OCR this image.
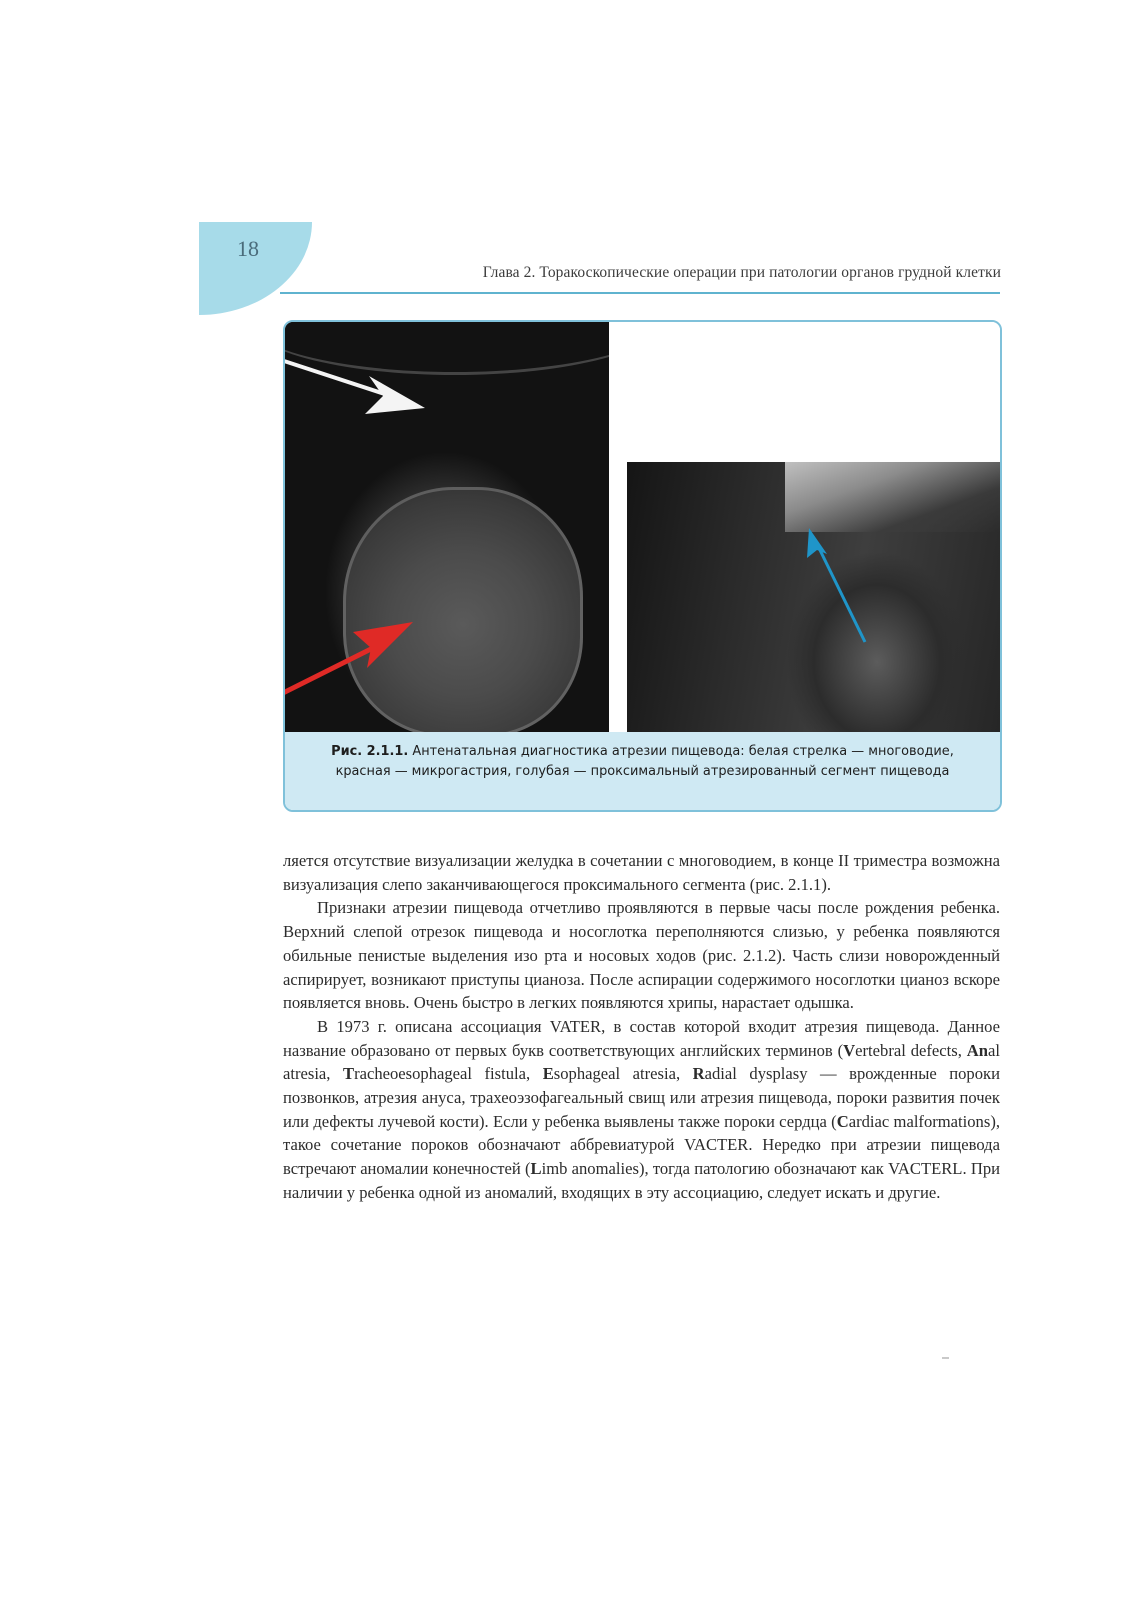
18
Глава 2. Торакоскопические операции при патологии органов грудной клетки
Рис. 2.1.1. Антенатальная диагностика атрезии пищевода: белая стрелка — многоводие, красная — микрогастрия, голубая — проксимальный атрезированный сегмент пищевода

ляется отсутствие визуализации желудка в сочетании с многоводием, в конце II триместра возможна визуализация слепо заканчивающегося проксимального сегмента (рис. 2.1.1).

Признаки атрезии пищевода отчетливо проявляются в первые часы после рождения ребенка. Верхний слепой отрезок пищевода и носоглотка переполняются слизью, у ребенка появляются обильные пенистые выделения изо рта и носовых ходов (рис. 2.1.2). Часть слизи новорожденный аспирирует, возникают приступы цианоза. После аспирации содержимого носоглотки цианоз вскоре появляется вновь. Очень быстро в легких появляются хрипы, нарастает одышка.

В 1973 г. описана ассоциация VATER, в состав которой входит атрезия пищевода. Данное название образовано от первых букв соответствующих английских терминов (Vertebral defects, Anal atresia, Tracheoesophageal fistula, Esophageal atresia, Radial dysplasy — врожденные пороки позвонков, атрезия ануса, трахеоэзофагеальный свищ или атрезия пищевода, пороки развития почек или дефекты лучевой кости). Если у ребенка выявлены также пороки сердца (Cardiac malformations), такое сочетание пороков обозначают аббревиатурой VACTER. Нередко при атрезии пищевода встречают аномалии конечностей (Limb anomalies), тогда патологию обозначают как VACTERL. При наличии у ребенка одной из аномалий, входящих в эту ассоциацию, следует искать и другие.
